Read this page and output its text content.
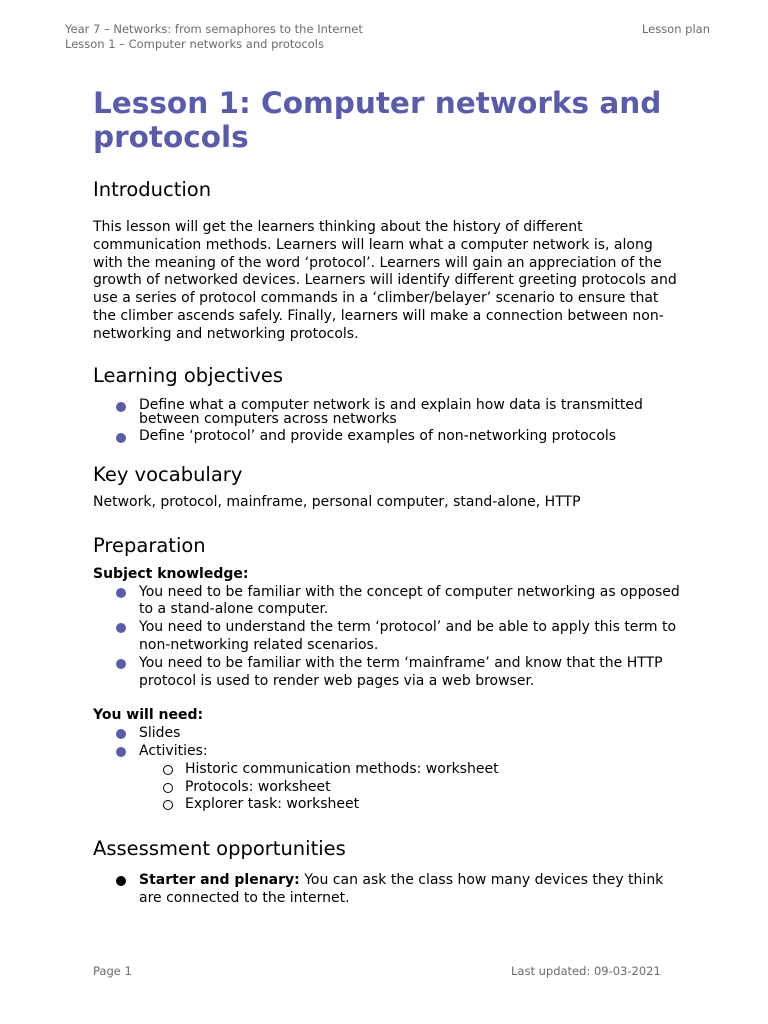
Year 7 – Networks: from semaphores to the Internet
Lesson 1 – Computer networks and protocols
Lesson plan
Lesson 1: Computer networks and protocols
Introduction

This lesson will get the learners thinking about the history of different communication methods. Learners will learn what a computer network is, along with the meaning of the word ‘protocol’. Learners will gain an appreciation of the growth of networked devices. Learners will identify different greeting protocols and use a series of protocol commands in a ‘climber/belayer’ scenario to ensure that the climber ascends safely. Finally, learners will make a connection between non-networking and networking protocols.

Learning objectives
Define what a computer network is and explain how data is transmitted between computers across networks
Define ‘protocol’ and provide examples of non-networking protocols
Key vocabulary

Network, protocol, mainframe, personal computer, stand-alone, HTTP

Preparation
Subject knowledge:
You need to be familiar with the concept of computer networking as opposed to a stand-alone computer.
You need to understand the term ‘protocol’ and be able to apply this term to non-networking related scenarios.
You need to be familiar with the term ‘mainframe’ and know that the HTTP protocol is used to render web pages via a web browser.
You will need:
Slides
Activities:
Historic communication methods: worksheet
Protocols: worksheet
Explorer task: worksheet
Assessment opportunities
Starter and plenary: You can ask the class how many devices they think are connected to the internet.
Page 1	Last updated: 09-03-2021
